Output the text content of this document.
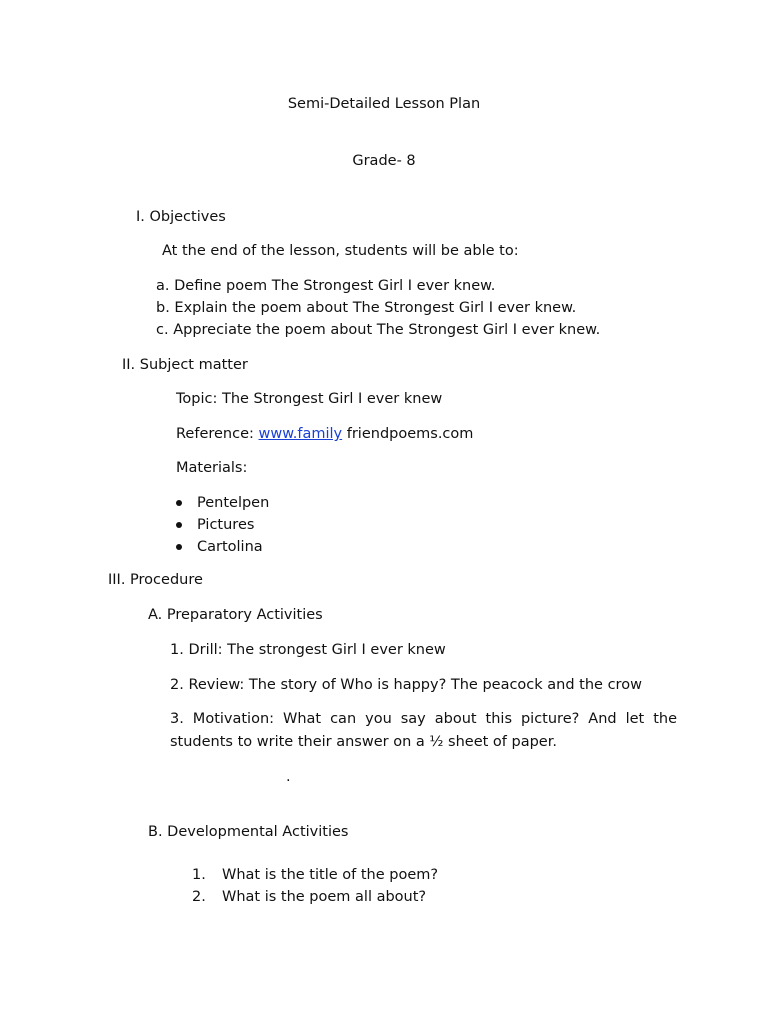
Semi-Detailed Lesson Plan
Grade- 8
I. Objectives
At the end of the lesson, students will be able to:
a. Define poem The Strongest Girl I ever knew.
b. Explain the poem about The Strongest Girl I ever knew.
c. Appreciate the poem about The Strongest Girl I ever knew.
II. Subject matter
Topic: The Strongest Girl I ever knew
Reference: www.family friendpoems.com
Materials:
Pentelpen
Pictures
Cartolina
III. Procedure
A. Preparatory Activities
1. Drill: The strongest Girl I ever knew
2. Review: The story of Who is happy? The peacock and the crow
3. Motivation: What can you say about this picture? And let the
students to write their answer on a ½ sheet of paper.
.
B. Developmental Activities
1. What is the title of the poem?
2. What is the poem all about?
